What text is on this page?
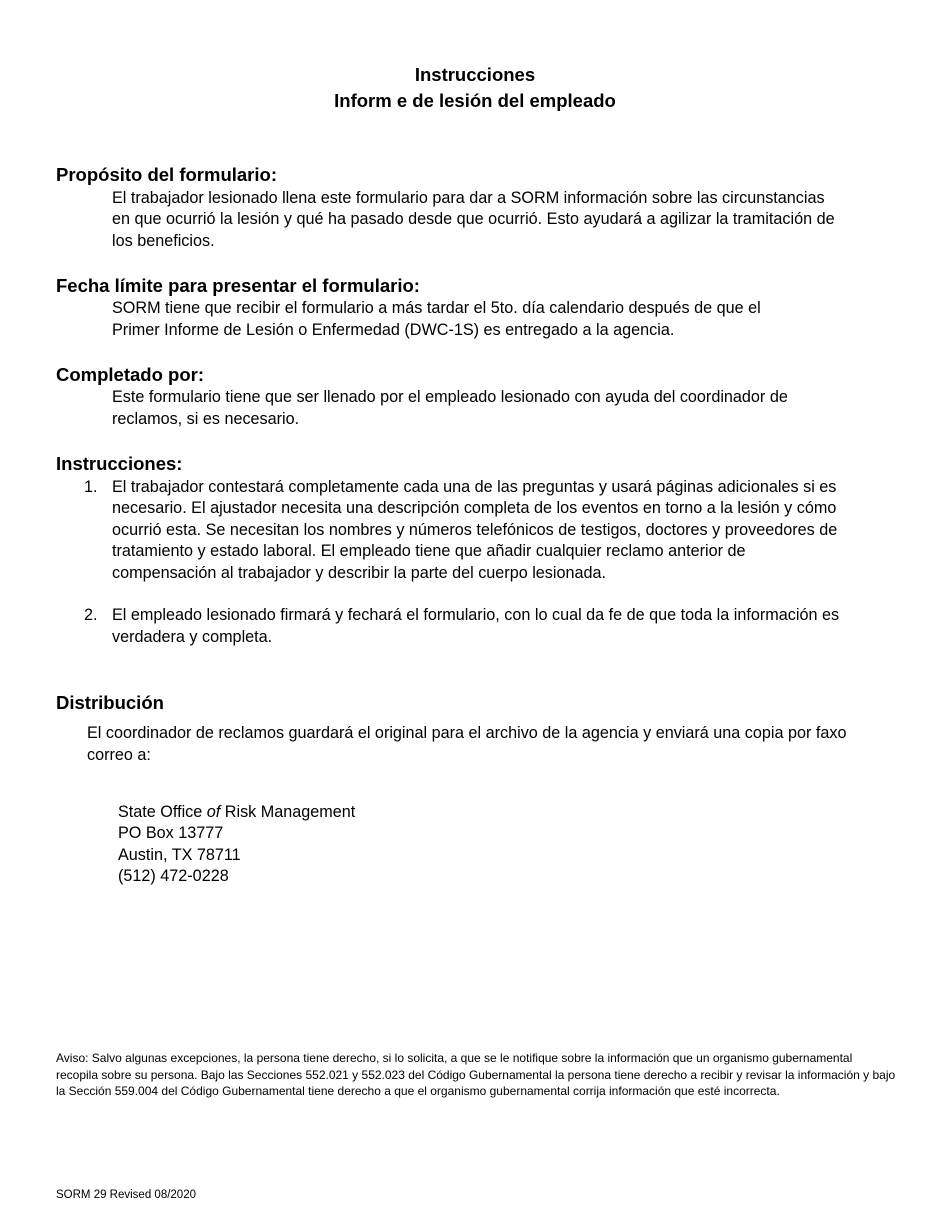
Instrucciones
Inform e de lesión del empleado
Propósito del formulario:
El trabajador lesionado llena este formulario para dar a SORM información sobre las circunstancias
en que ocurrió la lesión y qué ha pasado desde que ocurrió. Esto ayudará a agilizar la tramitación de
los beneficios.
Fecha límite para presentar el formulario:
SORM tiene que recibir el formulario a más tardar el 5to. día calendario después de que el
Primer Informe de Lesión o Enfermedad (DWC-1S) es entregado a la agencia.
Completado por:
Este formulario tiene que ser llenado por el empleado lesionado con ayuda del coordinador de
reclamos, si es necesario.
Instrucciones:
1. El trabajador contestará completamente cada una de las preguntas y usará páginas adicionales si es
necesario. El ajustador necesita una descripción completa de los eventos en torno a la lesión y cómo
ocurrió esta. Se necesitan los nombres y números telefónicos de testigos, doctores y proveedores de
tratamiento y estado laboral. El empleado tiene que añadir cualquier reclamo anterior de
compensación al trabajador y describir la parte del cuerpo lesionada.
2. El empleado lesionado firmará y fechará el formulario, con lo cual da fe de que toda la información es
verdadera y completa.
Distribución
El coordinador de reclamos guardará el original para el archivo de la agencia y enviará una copia por faxo
correo a:
State Office of Risk Management
PO Box 13777
Austin, TX 78711
(512) 472-0228
Aviso: Salvo algunas excepciones, la persona tiene derecho, si lo solicita, a que se le notifique sobre la información que un organismo gubernamental recopila sobre su persona. Bajo las Secciones 552.021 y 552.023 del Código Gubernamental la persona tiene derecho a recibir y revisar la información y bajo la Sección 559.004 del Código Gubernamental tiene derecho a que el organismo gubernamental corrija información que esté incorrecta.
SORM 29 Revised 08/2020
